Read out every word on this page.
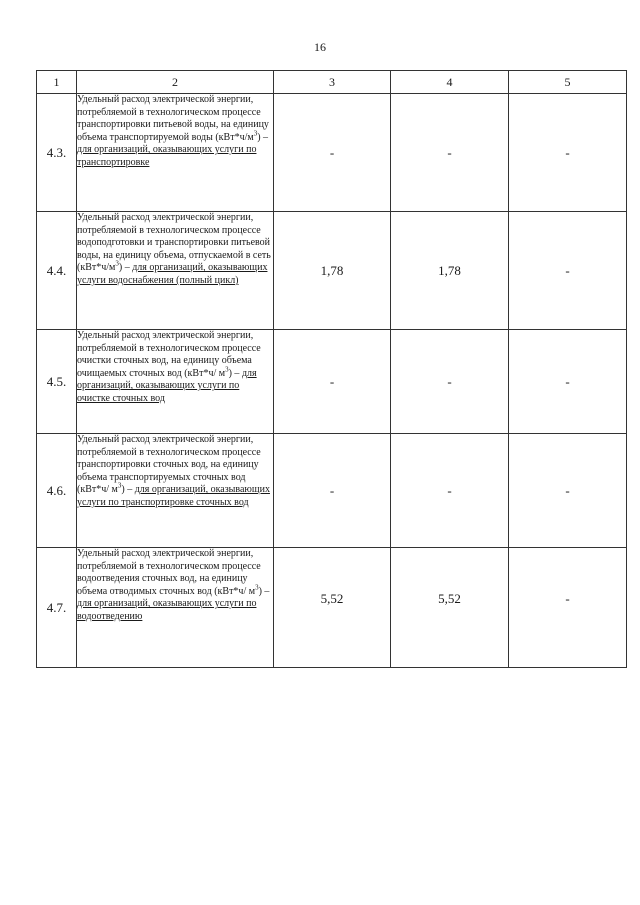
16
1	2	3	4	5
4.3.	Удельный расход электрической энергии, потребляемой в технологическом процессе транспортировки питьевой воды, на единицу объема транспортируемой воды $(кВт*ч/м^3)$ – для организаций, оказывающих услуги по транспортировке	-	-	-
4.4.	Удельный расход электрической энергии, потребляемой в технологическом процессе водоподготовки и транспортировки питьевой воды, на единицу объема, отпускаемой в сеть $(кВт*ч/м^3)$ – для организаций, оказывающих услуги водоснабжения (полный цикл)	1,78	1,78	-
4.5.	Удельный расход электрической энергии, потребляемой в технологическом процессе очистки сточных вод, на единицу объема очищаемых сточных вод (кВт*ч/ $м^3$) – для организаций, оказывающих услуги по очистке сточных вод	-	-	-
4.6.	Удельный расход электрической энергии, потребляемой в технологическом процессе транспортировки сточных вод, на единицу объема транспортируемых сточных вод (кВт*ч/ $м^3$) – для организаций, оказывающих услуги по транспортировке сточных вод	-	-	-
4.7.	Удельный расход электрической энергии, потребляемой в технологическом процессе водоотведения сточных вод, на единицу объема отводимых сточных вод (кВт*ч/ $м^3$) – для организаций, оказывающих услуги по водоотведению	5,52	5,52	-
